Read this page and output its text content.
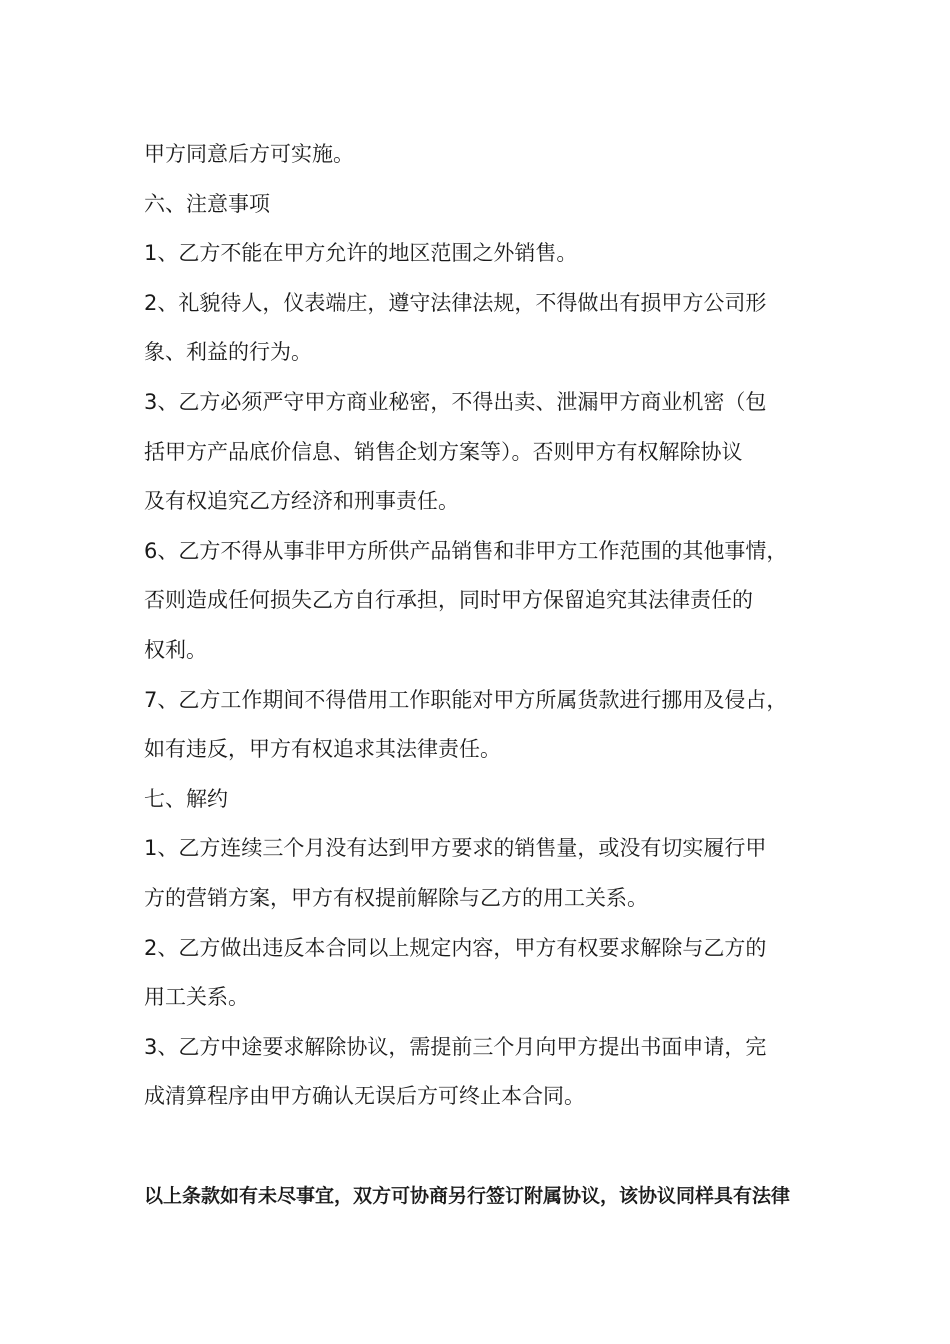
甲方同意后方可实施。
六、注意事项
1、乙方不能在甲方允许的地区范围之外销售。
2、礼貌待人，仪表端庄，遵守法律法规，不得做出有损甲方公司形
象、利益的行为。
3、乙方必须严守甲方商业秘密，不得出卖、泄漏甲方商业机密（包
括甲方产品底价信息、销售企划方案等）。否则甲方有权解除协议
及有权追究乙方经济和刑事责任。
6、乙方不得从事非甲方所供产品销售和非甲方工作范围的其他事情，
否则造成任何损失乙方自行承担，同时甲方保留追究其法律责任的
权利。
7、乙方工作期间不得借用工作职能对甲方所属货款进行挪用及侵占，
如有违反，甲方有权追求其法律责任。
七、解约
1、乙方连续三个月没有达到甲方要求的销售量，或没有切实履行甲
方的营销方案，甲方有权提前解除与乙方的用工关系。
2、乙方做出违反本合同以上规定内容，甲方有权要求解除与乙方的
用工关系。
3、乙方中途要求解除协议，需提前三个月向甲方提出书面申请，完
成清算程序由甲方确认无误后方可终止本合同。
以上条款如有未尽事宜，双方可协商另行签订附属协议，该协议同样具有法律
